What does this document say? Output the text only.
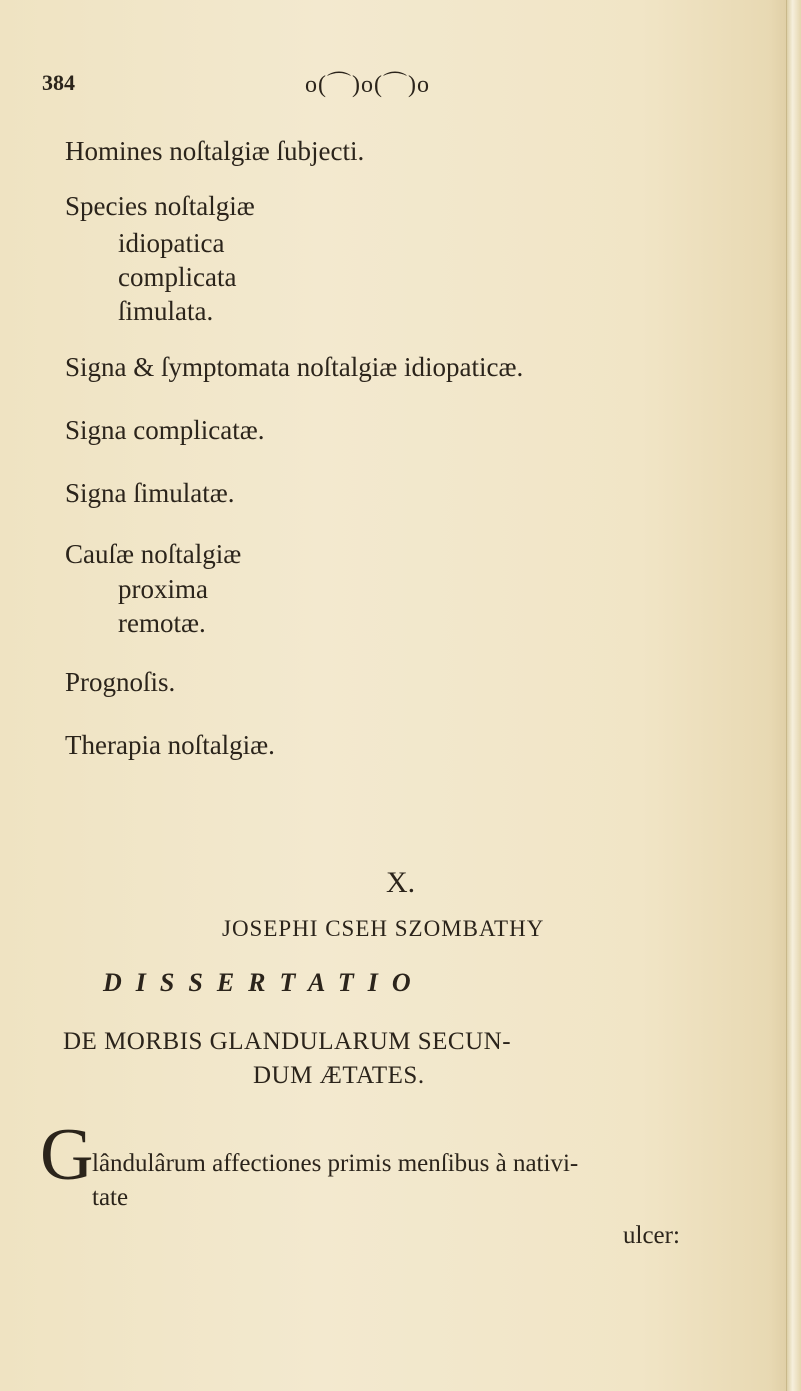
384	o(⌒)o(⌒)o
Homines noſtalgiæ ſubjecti.
Species noſtalgiæ
idiopatica
complicata
ſimulata.
Signa & ſymptomata noſtalgiæ idiopaticæ.
Signa complicatæ.
Signa ſimulatæ.
Cauſæ noſtalgiæ
proxima
remotæ.
Prognoſis.
Therapia noſtalgiæ.
X.
JOSEPHI CSEH SZOMBATHY
DISSERTATIO
DE MORBIS GLANDULARUM SECUN-
DUM ÆTATES.
G
lândulârum affectiones primis menſibus à nativi-
tate
ulcer:
